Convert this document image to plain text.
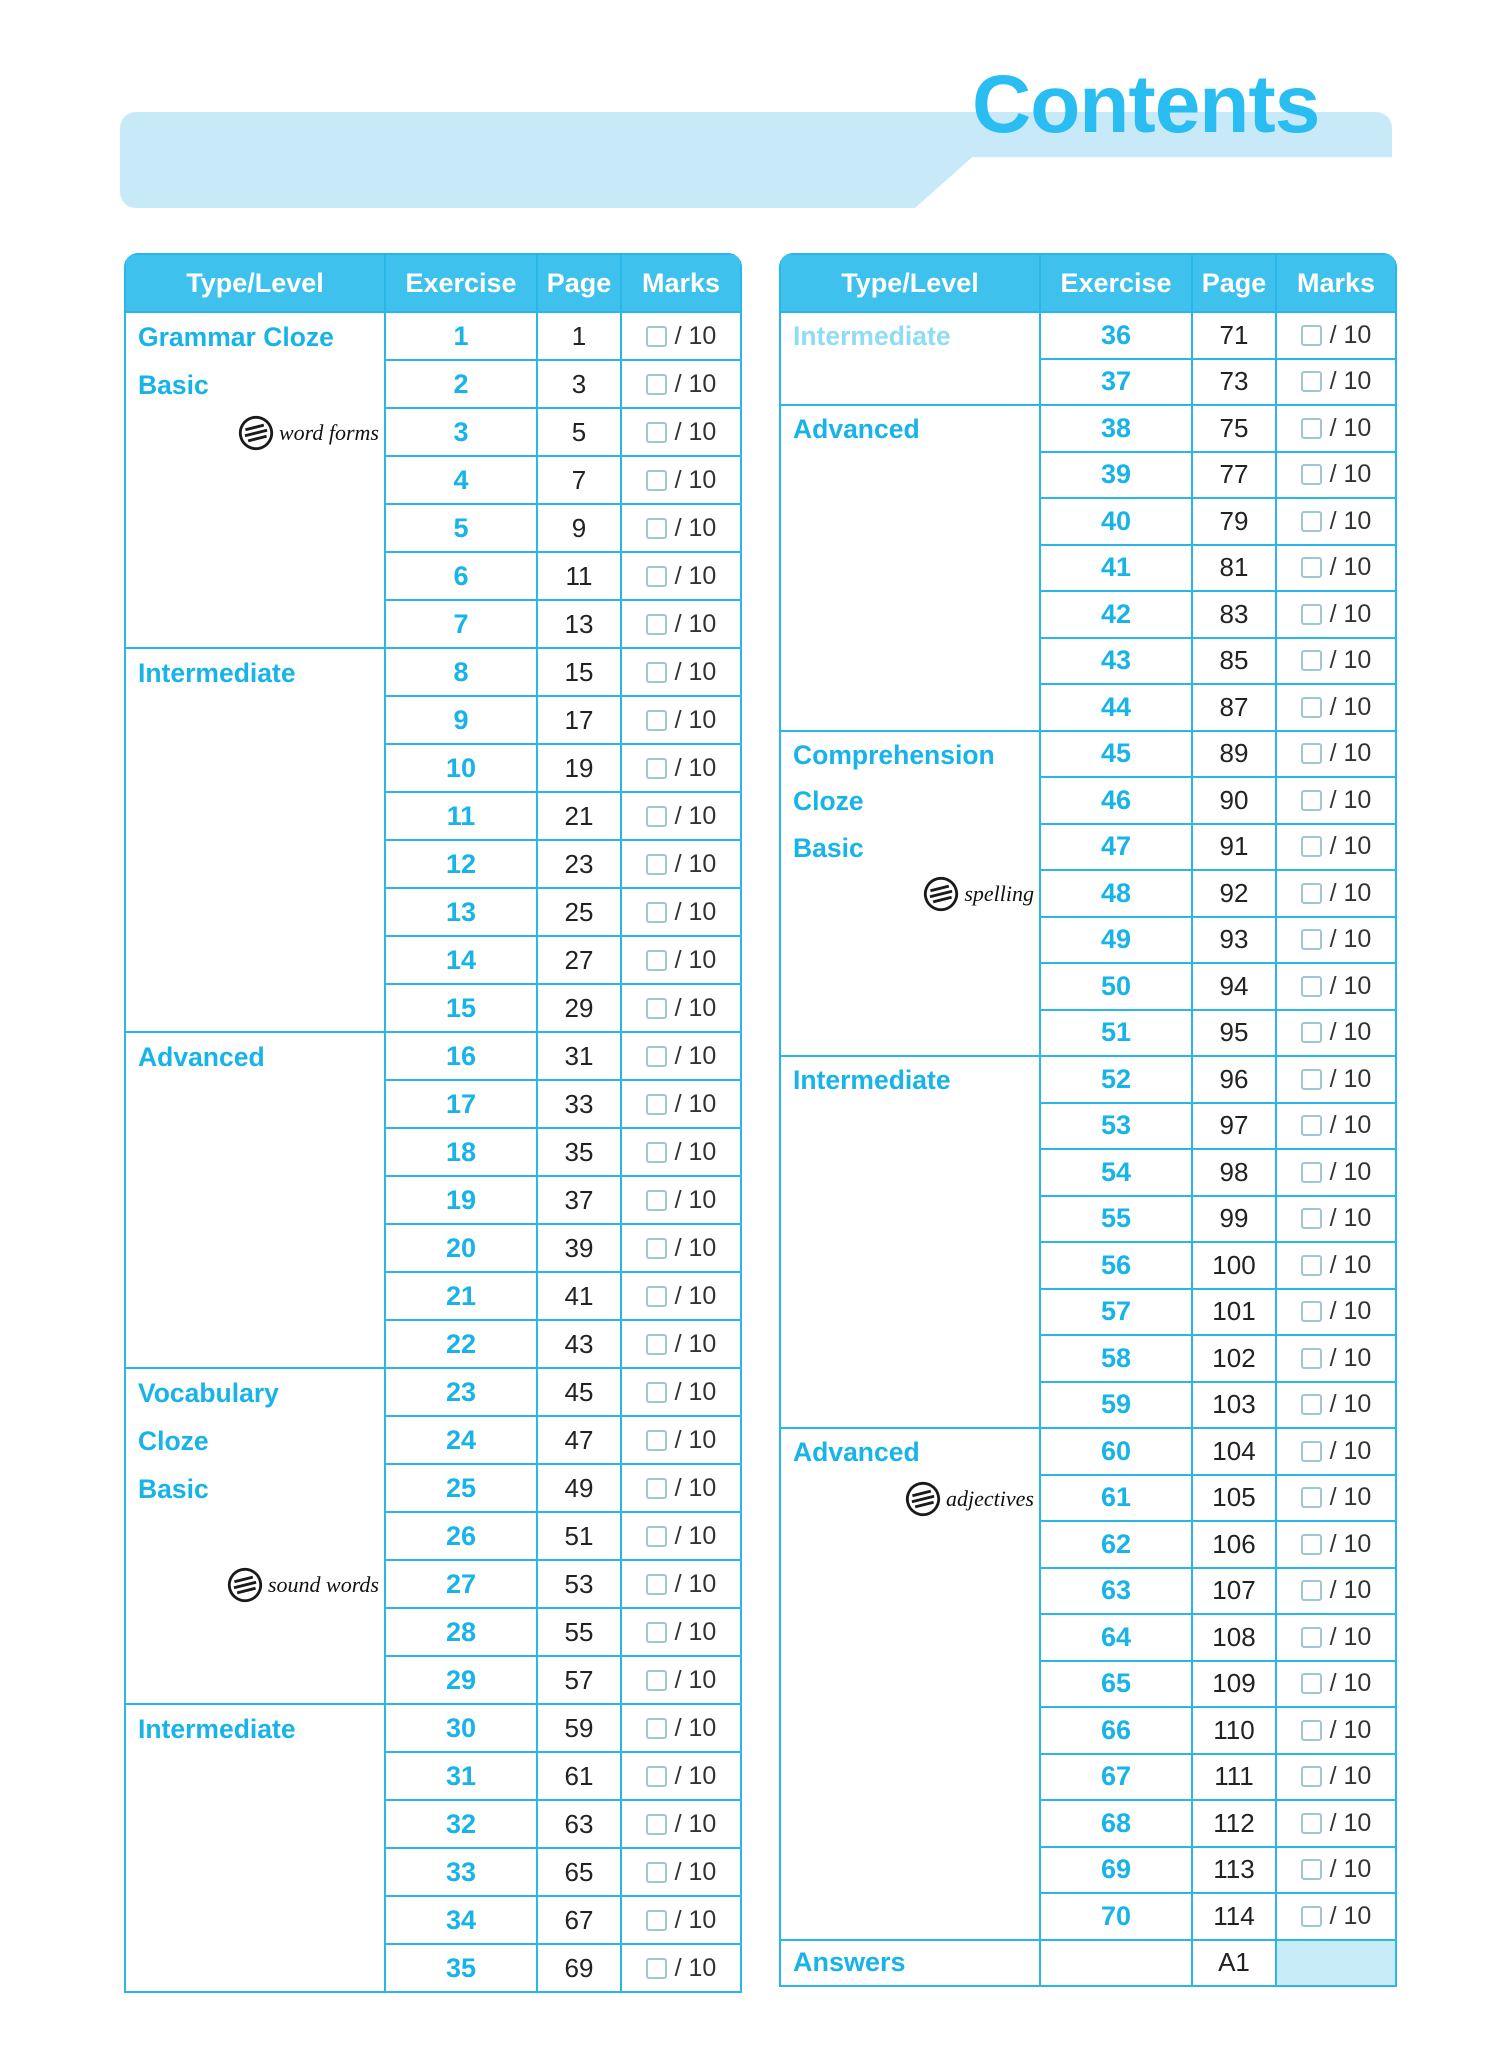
Contents
Type/Level	Exercise	Page	Marks

Grammar Cloze
Basic
word forms	1	1	/ 10

	2	3	/ 10

	3	5	/ 10

	4	7	/ 10

	5	9	/ 10

	6	11	/ 10

	7	13	/ 10

Intermediate	8	15	/ 10

	9	17	/ 10

	10	19	/ 10

	11	21	/ 10

	12	23	/ 10

	13	25	/ 10

	14	27	/ 10

	15	29	/ 10

Advanced	16	31	/ 10

	17	33	/ 10

	18	35	/ 10

	19	37	/ 10

	20	39	/ 10

	21	41	/ 10

	22	43	/ 10

Vocabulary Cloze
Basic
sound words	23	45	/ 10

	24	47	/ 10

	25	49	/ 10

	26	51	/ 10

	27	53	/ 10

	28	55	/ 10

	29	57	/ 10

Intermediate	30	59	/ 10

	31	61	/ 10

	32	63	/ 10

	33	65	/ 10

	34	67	/ 10

	35	69	/ 10
Type/Level	Exercise	Page	Marks

Intermediate	36	71	/ 10

	37	73	/ 10

Advanced	38	75	/ 10

	39	77	/ 10

	40	79	/ 10

	41	81	/ 10

	42	83	/ 10

	43	85	/ 10

	44	87	/ 10

Comprehension Cloze
Basic
spelling	45	89	/ 10

	46	90	/ 10

	47	91	/ 10

	48	92	/ 10

	49	93	/ 10

	50	94	/ 10

	51	95	/ 10

Intermediate	52	96	/ 10

	53	97	/ 10

	54	98	/ 10

	55	99	/ 10

	56	100	/ 10

	57	101	/ 10

	58	102	/ 10

	59	103	/ 10

Advanced
adjectives	60	104	/ 10

	61	105	/ 10

	62	106	/ 10

	63	107	/ 10

	64	108	/ 10

	65	109	/ 10

	66	110	/ 10

	67	111	/ 10

	68	112	/ 10

	69	113	/ 10

	70	114	/ 10

Answers		A1	
